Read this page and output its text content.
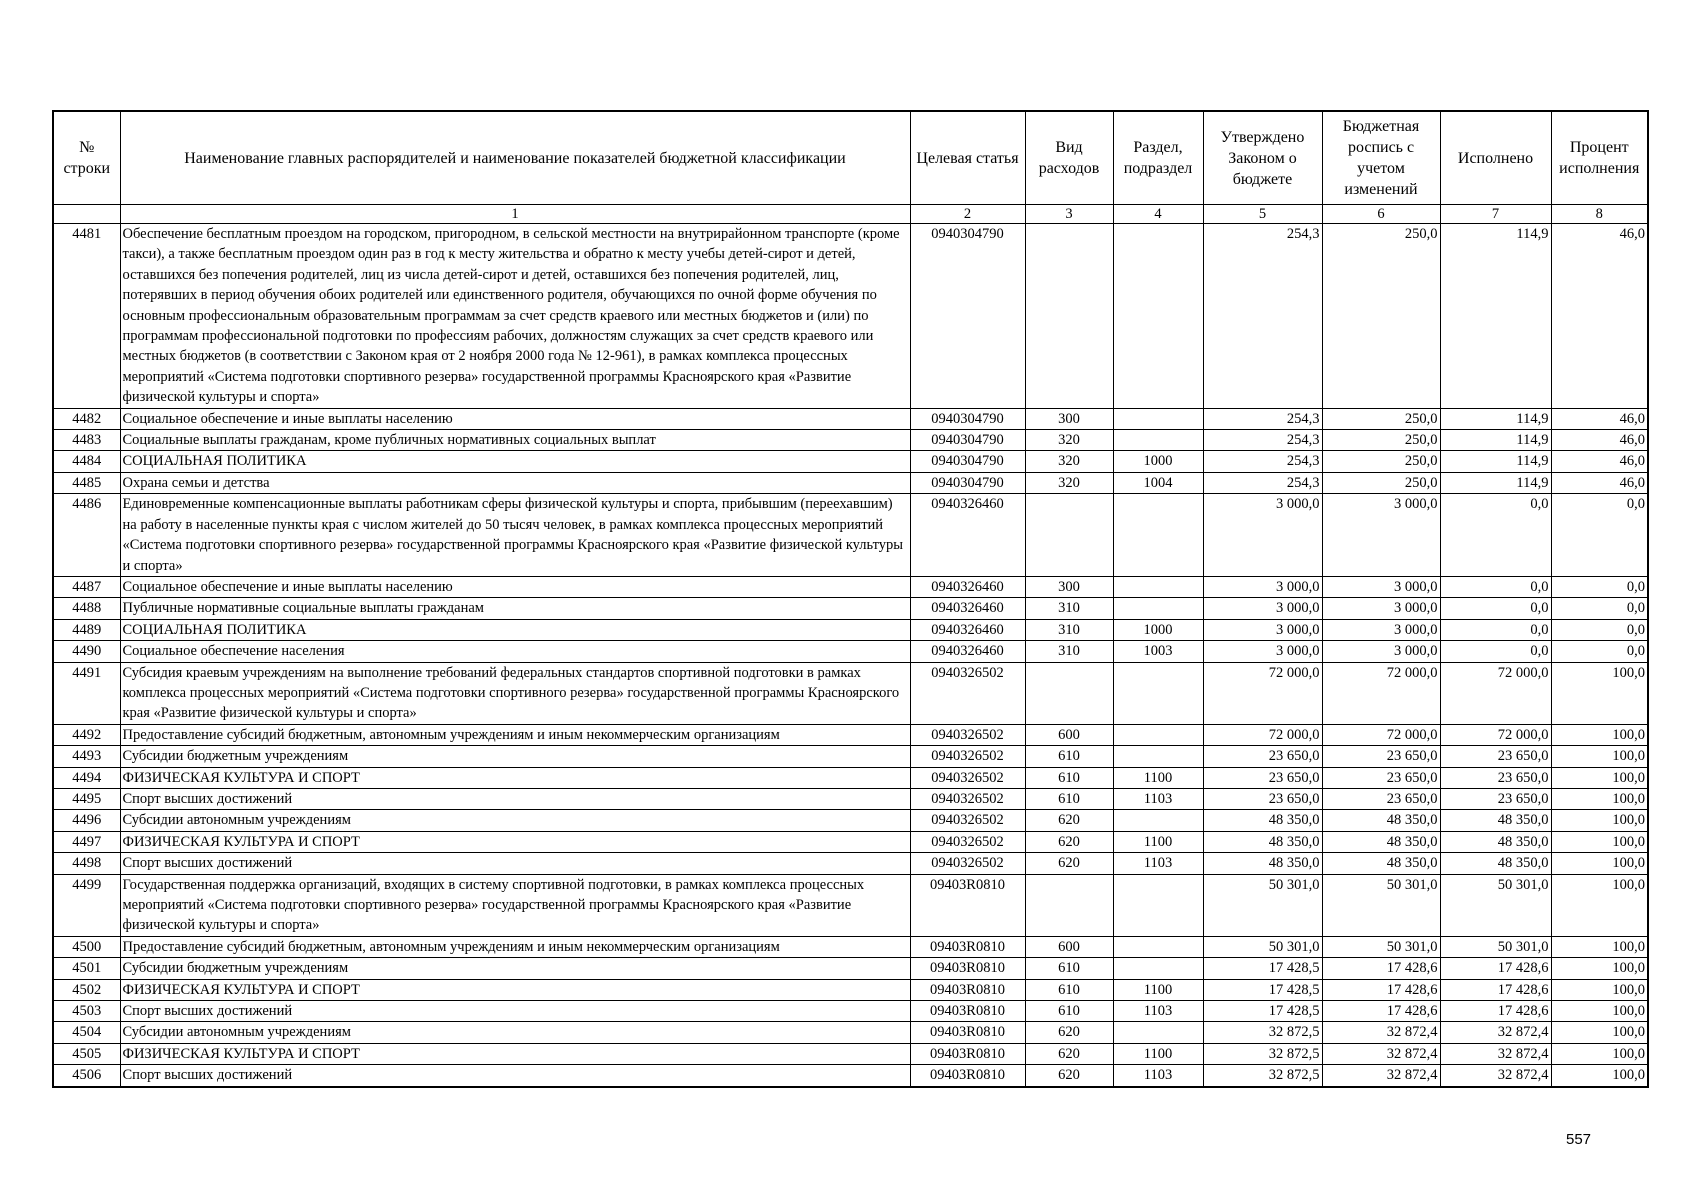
№ строки	Наименование главных распорядителей и наименование показателей бюджетной классификации	Целевая статья	Вид расходов	Раздел, подраздел	Утверждено Законом о бюджете	Бюджетная роспись с учетом изменений	Исполнено	Процент исполнения
	1	2	3	4	5	6	7	8
4481	Обеспечение бесплатным проездом на городском, пригородном, в сельской местности на внутрирайонном транспорте (кроме такси), а также бесплатным проездом один раз в год к месту жительства и обратно к месту учебы детей-сирот и детей, оставшихся без попечения родителей, лиц из числа детей-сирот и детей, оставшихся без попечения родителей, лиц, потерявших в период обучения обоих родителей или единственного родителя, обучающихся по очной форме обучения по основным профессиональным образовательным программам за счет средств краевого или местных бюджетов и (или) по программам профессиональной подготовки по профессиям рабочих, должностям служащих за счет средств краевого или местных бюджетов (в соответствии с Законом края от 2 ноября 2000 года № 12-961), в рамках комплекса процессных мероприятий «Система подготовки спортивного резерва» государственной программы Красноярского края «Развитие физической культуры и спорта»	0940304790			254,3	250,0	114,9	46,0
4482	Социальное обеспечение и иные выплаты населению	0940304790	300		254,3	250,0	114,9	46,0
4483	Социальные выплаты гражданам, кроме публичных нормативных социальных выплат	0940304790	320		254,3	250,0	114,9	46,0
4484	СОЦИАЛЬНАЯ ПОЛИТИКА	0940304790	320	1000	254,3	250,0	114,9	46,0
4485	Охрана семьи и детства	0940304790	320	1004	254,3	250,0	114,9	46,0
4486	Единовременные компенсационные выплаты работникам сферы физической культуры и спорта, прибывшим (переехавшим) на работу в населенные пункты края с числом жителей до 50 тысяч человек, в рамках комплекса процессных мероприятий «Система подготовки спортивного резерва» государственной программы Красноярского края «Развитие физической культуры и спорта»	0940326460			3 000,0	3 000,0	0,0	0,0
4487	Социальное обеспечение и иные выплаты населению	0940326460	300		3 000,0	3 000,0	0,0	0,0
4488	Публичные нормативные социальные выплаты гражданам	0940326460	310		3 000,0	3 000,0	0,0	0,0
4489	СОЦИАЛЬНАЯ ПОЛИТИКА	0940326460	310	1000	3 000,0	3 000,0	0,0	0,0
4490	Социальное обеспечение населения	0940326460	310	1003	3 000,0	3 000,0	0,0	0,0
4491	Субсидия краевым учреждениям на выполнение требований федеральных стандартов спортивной подготовки в рамках комплекса процессных мероприятий «Система подготовки спортивного резерва» государственной программы Красноярского края «Развитие физической культуры и спорта»	0940326502			72 000,0	72 000,0	72 000,0	100,0
4492	Предоставление субсидий бюджетным, автономным учреждениям и иным некоммерческим организациям	0940326502	600		72 000,0	72 000,0	72 000,0	100,0
4493	Субсидии бюджетным учреждениям	0940326502	610		23 650,0	23 650,0	23 650,0	100,0
4494	ФИЗИЧЕСКАЯ КУЛЬТУРА И СПОРТ	0940326502	610	1100	23 650,0	23 650,0	23 650,0	100,0
4495	Спорт высших достижений	0940326502	610	1103	23 650,0	23 650,0	23 650,0	100,0
4496	Субсидии автономным учреждениям	0940326502	620		48 350,0	48 350,0	48 350,0	100,0
4497	ФИЗИЧЕСКАЯ КУЛЬТУРА И СПОРТ	0940326502	620	1100	48 350,0	48 350,0	48 350,0	100,0
4498	Спорт высших достижений	0940326502	620	1103	48 350,0	48 350,0	48 350,0	100,0
4499	Государственная поддержка организаций, входящих в систему спортивной подготовки, в рамках комплекса процессных мероприятий «Система подготовки спортивного резерва» государственной программы Красноярского края «Развитие физической культуры и спорта»	09403R0810			50 301,0	50 301,0	50 301,0	100,0
4500	Предоставление субсидий бюджетным, автономным учреждениям и иным некоммерческим организациям	09403R0810	600		50 301,0	50 301,0	50 301,0	100,0
4501	Субсидии бюджетным учреждениям	09403R0810	610		17 428,5	17 428,6	17 428,6	100,0
4502	ФИЗИЧЕСКАЯ КУЛЬТУРА И СПОРТ	09403R0810	610	1100	17 428,5	17 428,6	17 428,6	100,0
4503	Спорт высших достижений	09403R0810	610	1103	17 428,5	17 428,6	17 428,6	100,0
4504	Субсидии автономным учреждениям	09403R0810	620		32 872,5	32 872,4	32 872,4	100,0
4505	ФИЗИЧЕСКАЯ КУЛЬТУРА И СПОРТ	09403R0810	620	1100	32 872,5	32 872,4	32 872,4	100,0
4506	Спорт высших достижений	09403R0810	620	1103	32 872,5	32 872,4	32 872,4	100,0
557
